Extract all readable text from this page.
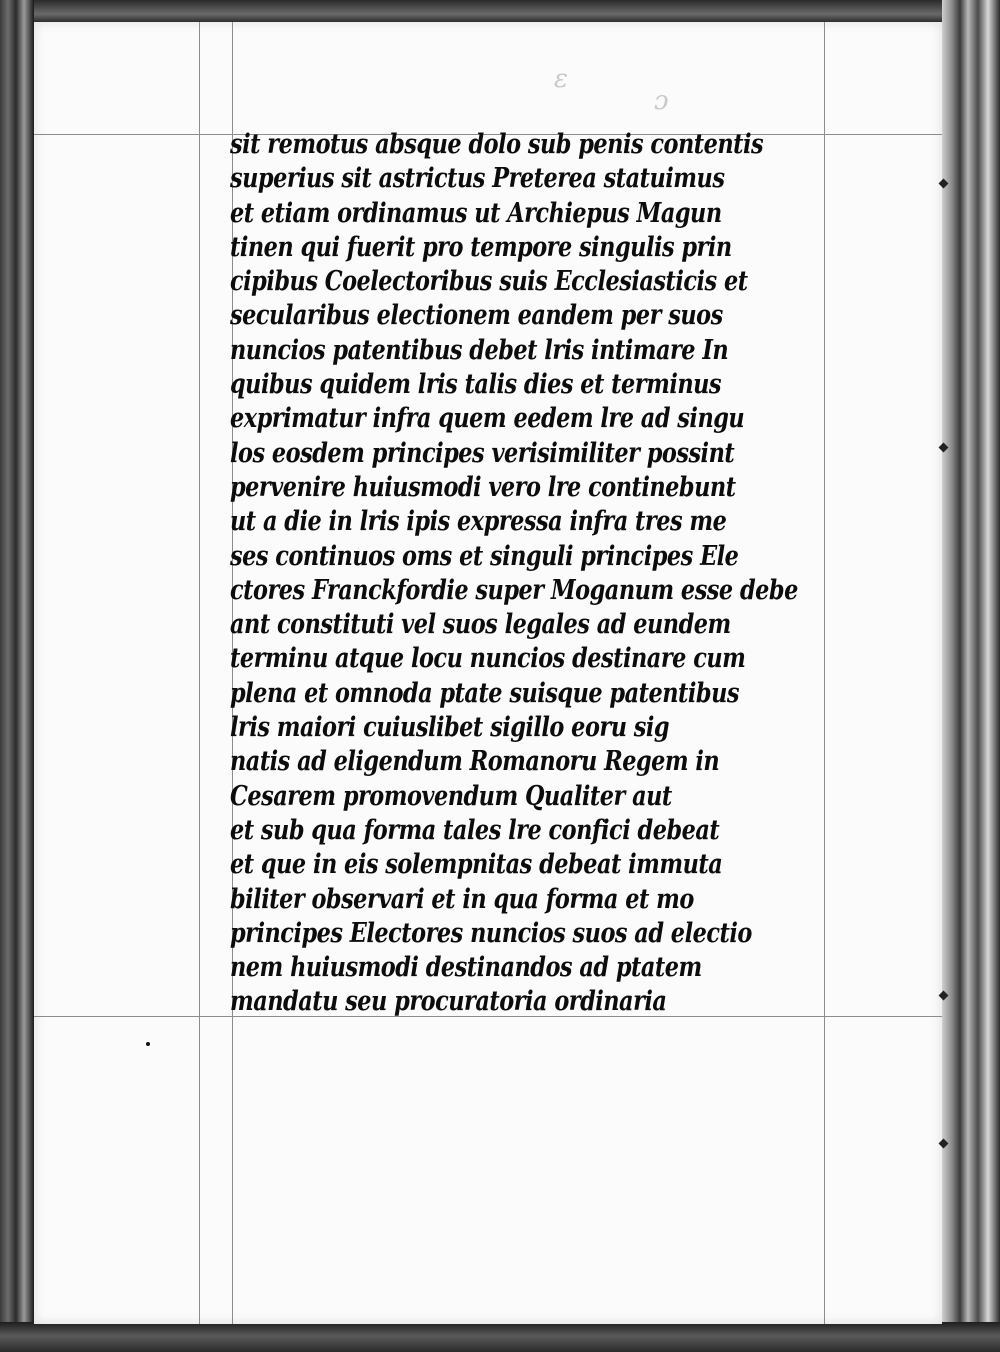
ɛ
ɔ
sit remotus absque dolo sub penis contentis
superius sit astrictus Preterea statuimus
et etiam ordinamus ut Archiepus Magun
tinen qui fuerit pro tempore singulis prin
cipibus Coelectoribus suis Ecclesiasticis et
secularibus electionem eandem per suos
nuncios patentibus debet lris intimare In
quibus quidem lris talis dies et terminus
exprimatur infra quem eedem lre ad singu
los eosdem principes verisimiliter possint
pervenire huiusmodi vero lre continebunt
ut a die in lris ipis expressa infra tres me
ses continuos oms et singuli principes Ele
ctores Franckfordie super Moganum esse debe
ant constituti vel suos legales ad eundem
terminu atque locu nuncios destinare cum
plena et omnoda ptate suisque patentibus
lris maiori cuiuslibet sigillo eoru sig
natis ad eligendum Romanoru Regem in
Cesarem promovendum Qualiter aut
et sub qua forma tales lre confici debeat
et que in eis solempnitas debeat immuta
biliter observari et in qua forma et mo
principes Electores nuncios suos ad electio
nem huiusmodi destinandos ad ptatem
mandatu seu procuratoria ordinaria
